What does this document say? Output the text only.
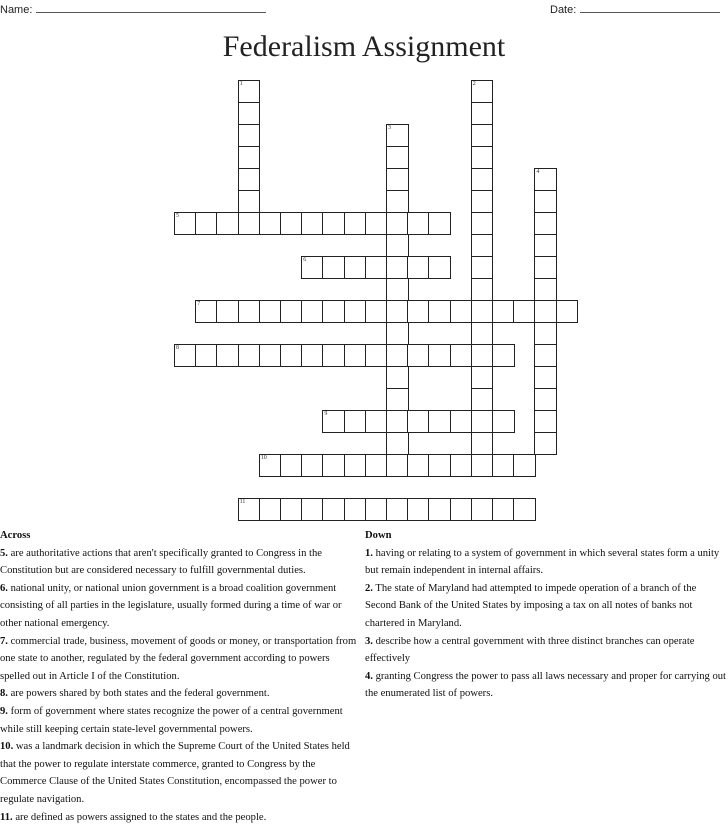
Name:	Date:
Federalism Assignment
5
6
7
8
9
10
11
1	2
3
4
Across
5. are authoritative actions that aren't specifically granted to Congress in the Constitution but are considered necessary to fulfill governmental duties.
6. national unity, or national union government is a broad coalition government consisting of all parties in the legislature, usually formed during a time of war or other national emergency.
7. commercial trade, business, movement of goods or money, or transportation from one state to another, regulated by the federal government according to powers spelled out in Article I of the Constitution.
8. are powers shared by both states and the federal government.
9. form of government where states recognize the power of a central government while still keeping certain state-level governmental powers.
10. was a landmark decision in which the Supreme Court of the United States held that the power to regulate interstate commerce, granted to Congress by the Commerce Clause of the United States Constitution, encompassed the power to regulate navigation.
11. are defined as powers assigned to the states and the people.
Down
1. having or relating to a system of government in which several states form a unity but remain independent in internal affairs.
2. The state of Maryland had attempted to impede operation of a branch of the Second Bank of the United States by imposing a tax on all notes of banks not chartered in Maryland.
3. describe how a central government with three distinct branches can operate effectively
4. granting Congress the power to pass all laws necessary and proper for carrying out the enumerated list of powers.
